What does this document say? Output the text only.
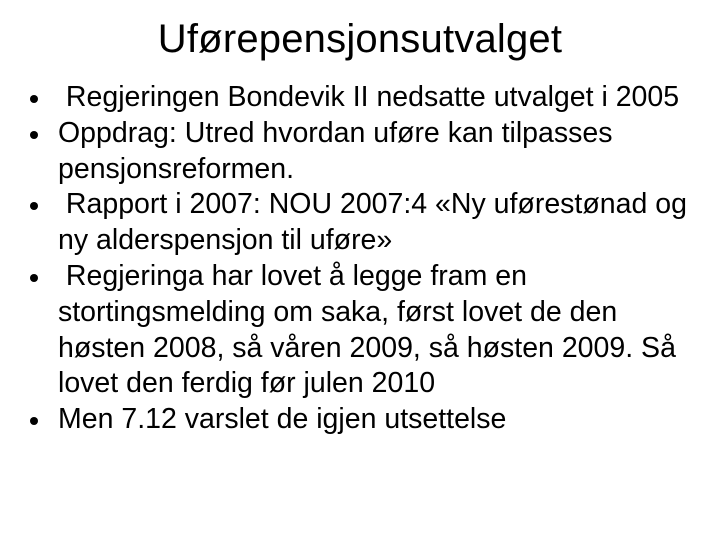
Uførepensjonsutvalget
Regjeringen Bondevik II nedsatte utvalget i 2005
Oppdrag: Utred hvordan uføre kan tilpasses pensjonsreformen.
Rapport i 2007: NOU 2007:4 «Ny uførestønad og ny alderspensjon til uføre»
Regjeringa har lovet å legge fram en stortingsmelding om saka, først lovet de den høsten 2008, så våren 2009, så høsten 2009. Så lovet den ferdig før julen 2010
Men 7.12 varslet de igjen utsettelse
